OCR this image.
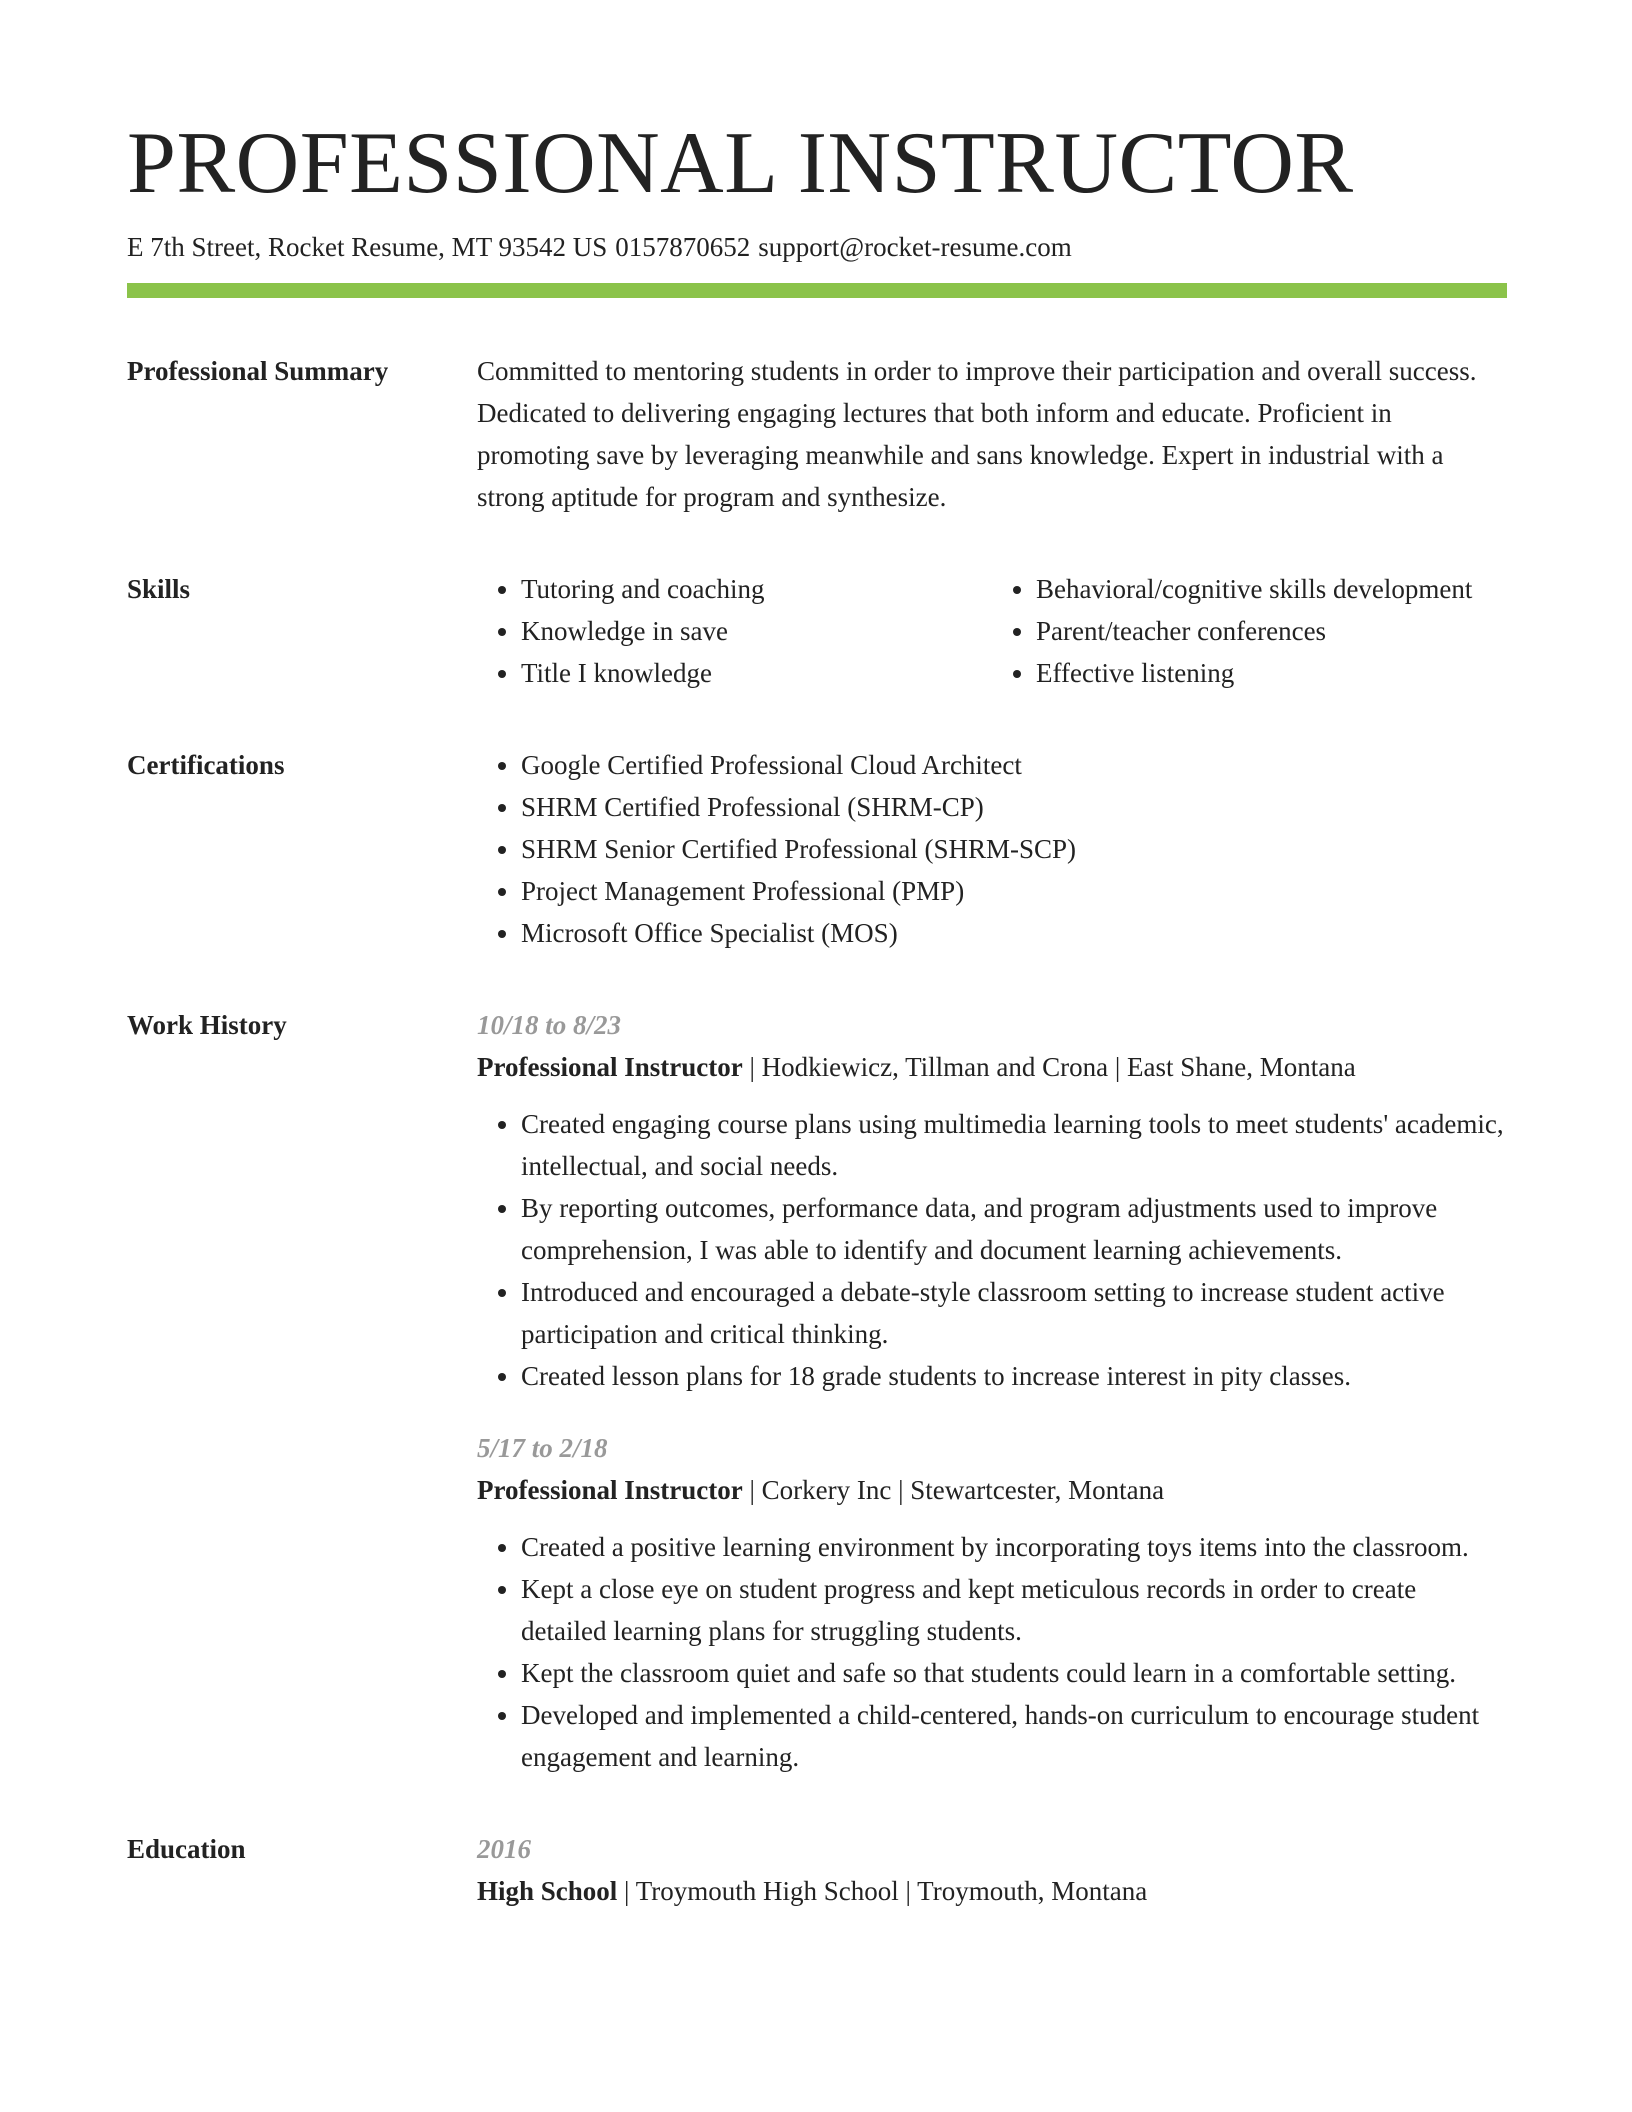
PROFESSIONAL INSTRUCTOR
E 7th Street, Rocket Resume, MT 93542 US 0157870652 support@rocket-resume.com
Professional Summary	Committed to mentoring students in order to improve their participation and overall success. Dedicated to delivering engaging lectures that both inform and educate. Proficient in promoting save by leveraging meanwhile and sans knowledge. Expert in industrial with a strong aptitude for program and synthesize.

Skills	• Tutoring and coaching
• Knowledge in save
• Title I knowledge
• Behavioral/cognitive skills development
• Parent/teacher conferences
• Effective listening
Certifications	• Google Certified Professional Cloud Architect
• SHRM Certified Professional (SHRM-CP)
• SHRM Senior Certified Professional (SHRM-SCP)
• Project Management Professional (PMP)
• Microsoft Office Specialist (MOS)
Work History	10/18 to 8/23
Professional Instructor | Hodkiewicz, Tillman and Crona | East Shane, Montana
• Created engaging course plans using multimedia learning tools to meet students' academic, intellectual, and social needs.
• By reporting outcomes, performance data, and program adjustments used to improve comprehension, I was able to identify and document learning achievements.
• Introduced and encouraged a debate-style classroom setting to increase student active participation and critical thinking.
• Created lesson plans for 18 grade students to increase interest in pity classes.
5/17 to 2/18
Professional Instructor | Corkery Inc | Stewartcester, Montana
• Created a positive learning environment by incorporating toys items into the classroom.
• Kept a close eye on student progress and kept meticulous records in order to create detailed learning plans for struggling students.
• Kept the classroom quiet and safe so that students could learn in a comfortable setting.
• Developed and implemented a child-centered, hands-on curriculum to encourage student engagement and learning.
Education	2016
High School | Troymouth High School | Troymouth, Montana
